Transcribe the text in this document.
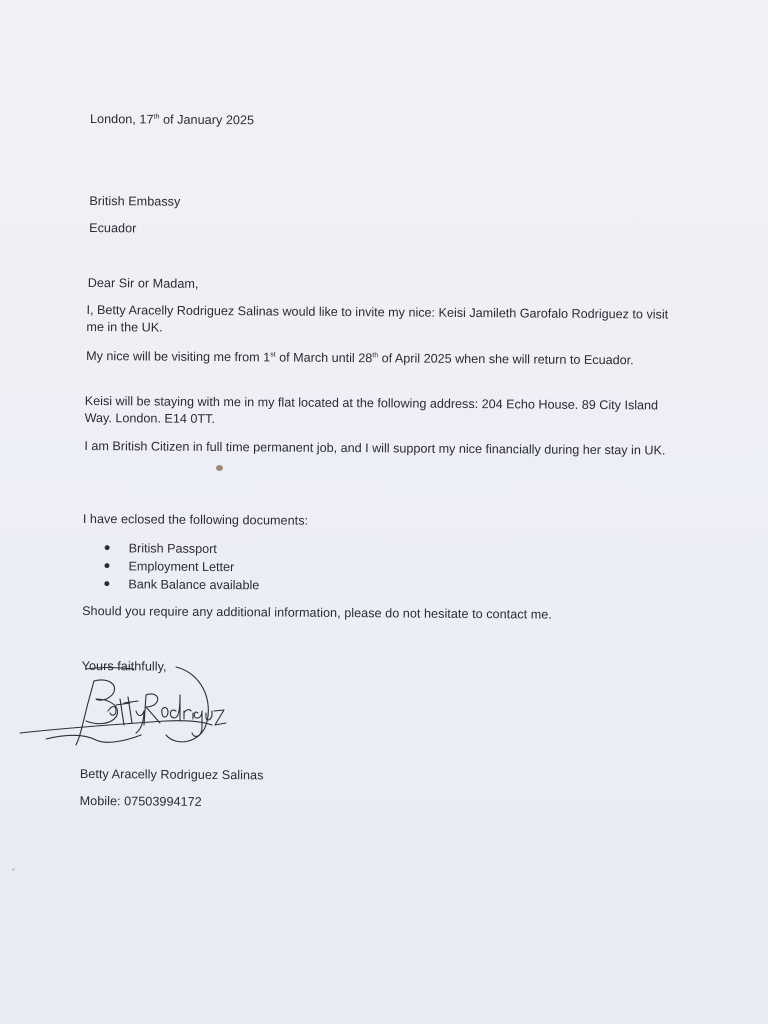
London, 17th of January 2025
British Embassy
Ecuador
Dear Sir or Madam,
I, Betty Aracelly Rodriguez Salinas would like to invite my nice: Keisi Jamileth Garofalo Rodriguez to visit me in the UK.
My nice will be visiting me from 1st of March until 28th of April 2025 when she will return to Ecuador.
Keisi will be staying with me in my flat located at the following address: 204 Echo House. 89 City Island Way. London. E14 0TT.
I am British Citizen in full time permanent job, and I will support my nice financially during her stay in UK.
I have eclosed the following documents:
British Passport
Employment Letter
Bank Balance available
Should you require any additional information, please do not hesitate to contact me.
Yours faithfully,
Betty Aracelly Rodriguez Salinas
Mobile: 07503994172
